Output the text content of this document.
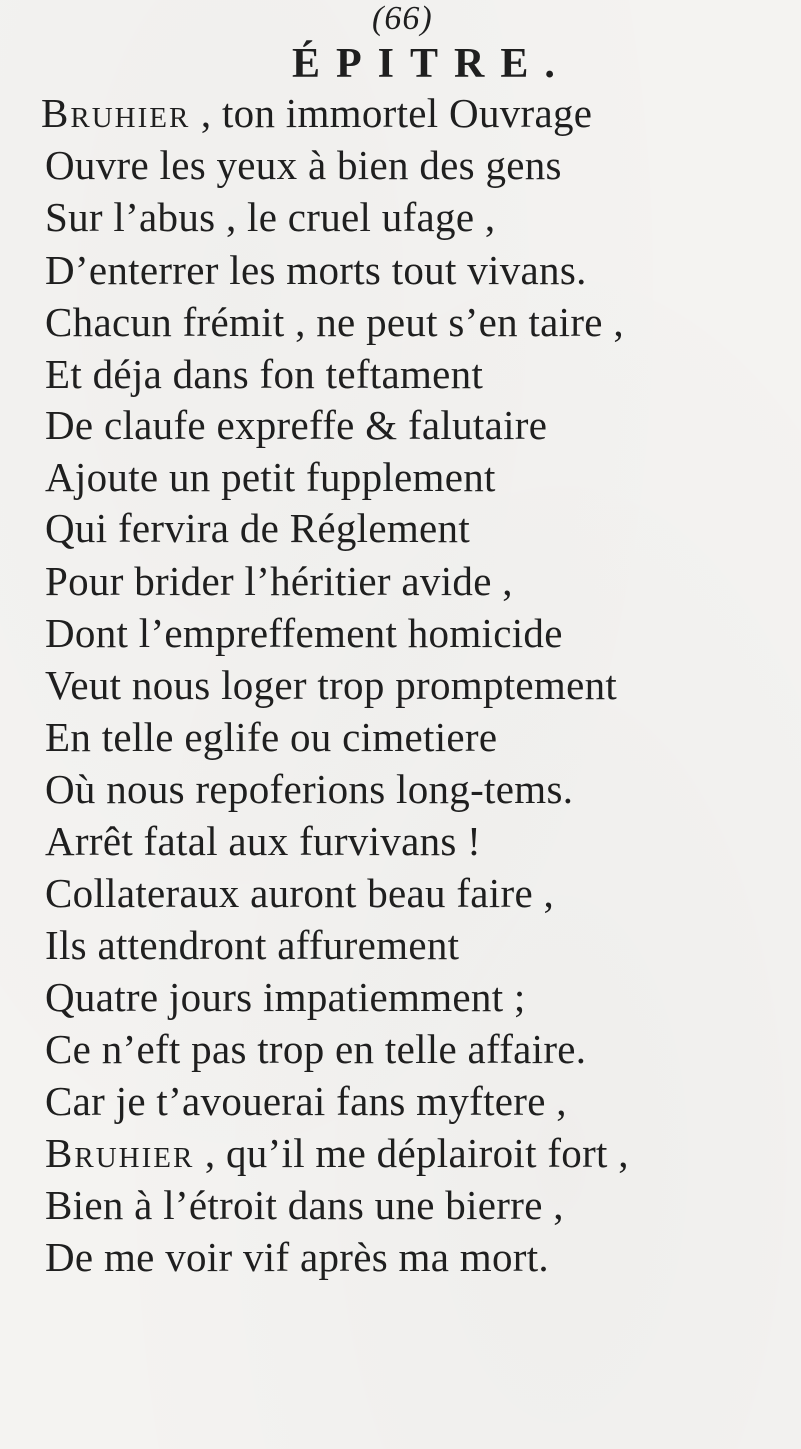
(66)
ÉPITRE.
Bruhier , ton immortel Ouvrage
Ouvre les yeux à bien des gens
Sur l’abus , le cruel ufage ,
D’enterrer les morts tout vivans.
Chacun frémit , ne peut s’en taire ,
Et déja dans fon teftament
De claufe expreffe & falutaire
Ajoute un petit fupplement
Qui fervira de Réglement
Pour brider l’héritier avide ,
Dont l’empreffement homicide
Veut nous loger trop promptement
En telle eglife ou cimetiere
Où nous repoferions long-tems.
Arrêt fatal aux furvivans !
Collateraux auront beau faire ,
Ils attendront affurement
Quatre jours impatiemment ;
Ce n’eft pas trop en telle affaire.
Car je t’avouerai fans myftere ,
Bruhier , qu’il me déplairoit fort ,
Bien à l’étroit dans une bierre ,
De me voir vif après ma mort.
